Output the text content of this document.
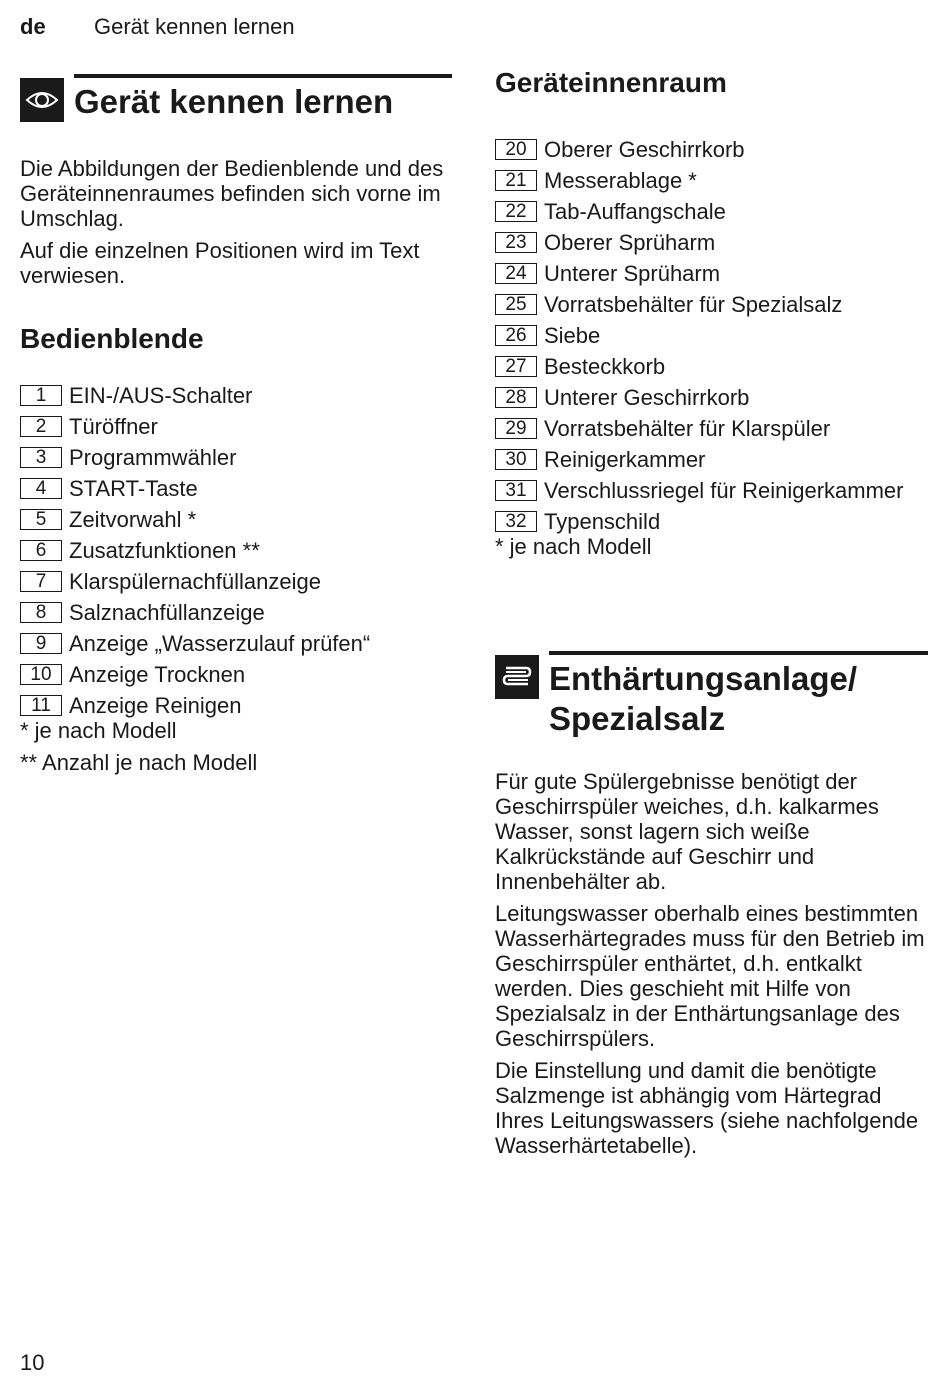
de Gerät kennen lernen
Gerät kennen lernen

Die Abbildungen der Bedienblende und des Geräteinnenraumes befinden sich vorne im Umschlag.

Auf die einzelnen Positionen wird im Text verwiesen.

Bedienblende
1	EIN-/AUS-Schalter
2	Türöffner
3	Programmwähler
4	START-Taste
5	Zeitvorwahl *
6	Zusatzfunktionen **
7	Klarspülernachfüllanzeige
8	Salznachfüllanzeige
9	Anzeige „Wasserzulauf prüfen“
10 Anzeige Trocknen
11 Anzeige Reinigen

* je nach Modell

** Anzahl je nach Modell

Geräteinnenraum
20 Oberer Geschirrkorb
21 Messerablage *
22 Tab-Auffangschale
23 Oberer Sprüharm
24 Unterer Sprüharm
25 Vorratsbehälter für Spezialsalz
26 Siebe
27 Besteckkorb
28 Unterer Geschirrkorb
29 Vorratsbehälter für Klarspüler
30 Reinigerkammer
31 Verschlussriegel für Reinigerkammer
32 Typenschild

* je nach Modell

Enthärtungsanlage/
Spezialsalz

Für gute Spülergebnisse benötigt der Geschirrspüler weiches, d.h. kalkarmes Wasser, sonst lagern sich weiße Kalkrückstände auf Geschirr und Innenbehälter ab.

Leitungswasser oberhalb eines bestimmten Wasserhärtegrades muss für den Betrieb im Geschirrspüler enthärtet, d.h. entkalkt werden. Dies geschieht mit Hilfe von Spezialsalz in der Enthärtungsanlage des Geschirrspülers.

Die Einstellung und damit die benötigte Salzmenge ist abhängig vom Härtegrad Ihres Leitungswassers (siehe nachfolgende Wasserhärtetabelle).

10
